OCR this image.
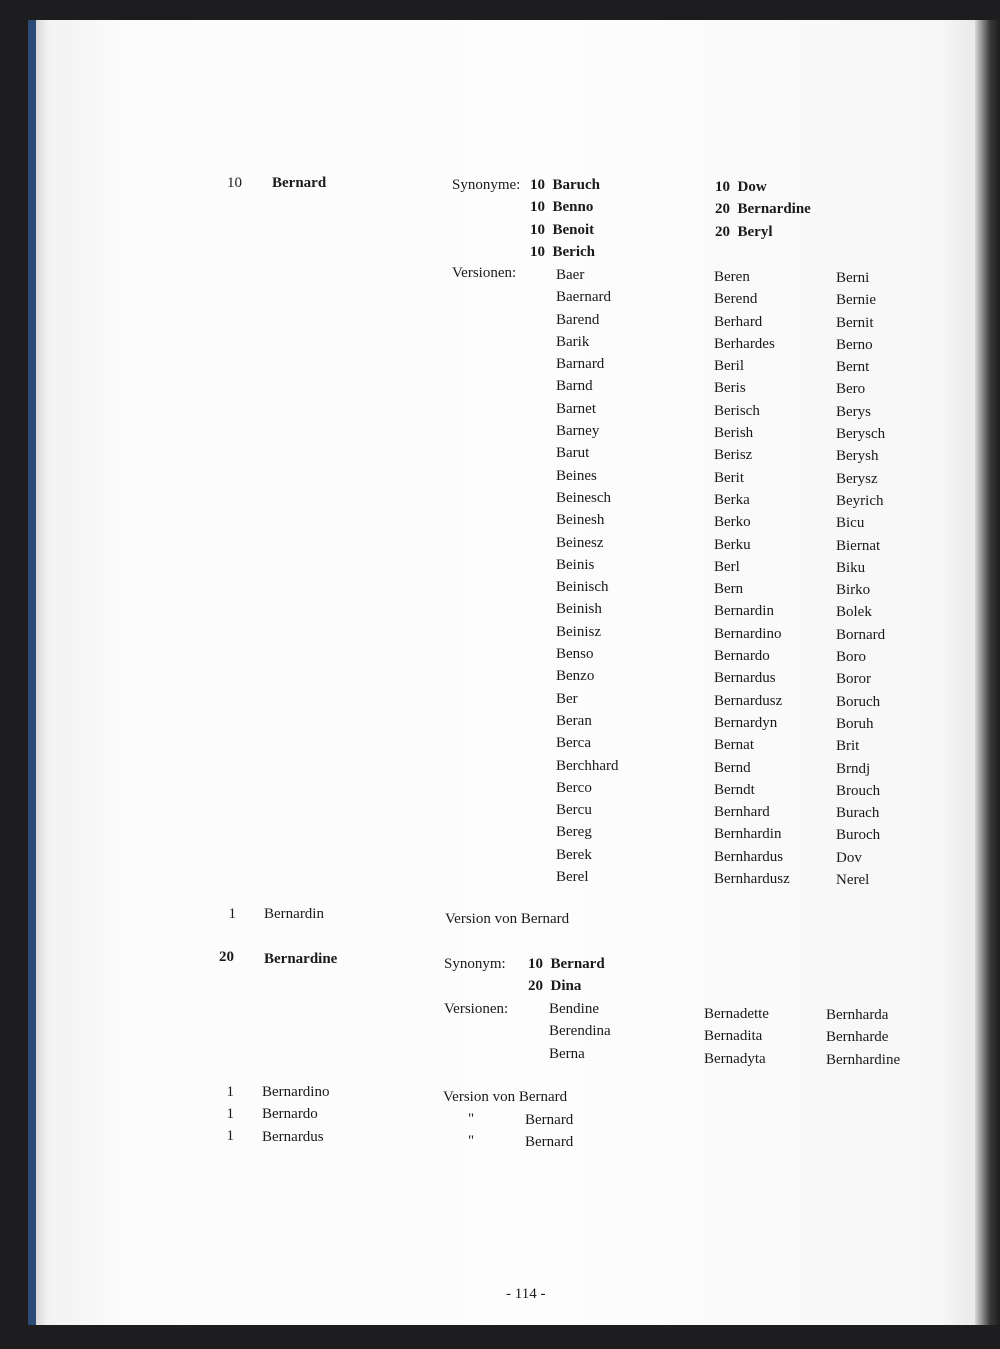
10 Bernard	Synonyme: 10 Baruch
10 Benno
10 Benoit
10 Berich
10 Dow
20 Bernardine
20 Beryl
Versionen:	Baer
Baernard
Barend
Barik
Barnard
Barnd
Barnet
Barney
Barut
Beines
Beinesch
Beinesh
Beinesz
Beinis
Beinisch
Beinish
Beinisz
Benso
Benzo
Ber
Beran
Berca
Berchhard
Berco
Bercu
Bereg
Berek
Berel
Beren
Berend
Berhard
Berhardes
Beril
Beris
Berisch
Berish
Berisz
Berit
Berka
Berko
Berku
Berl
Bern
Bernardin
Bernardino
Bernardo
Bernardus
Bernardusz
Bernardyn
Bernat
Bernd
Berndt
Bernhard
Bernhardin
Bernhardus
Bernhardusz
Berni
Bernie
Bernit
Berno
Bernt
Bero
Berys
Berysch
Berysh
Berysz
Beyrich
Bicu
Biernat
Biku
Birko
Bolek
Bornard
Boro
Boror
Boruch
Boruh
Brit
Brndj
Brouch
Burach
Buroch
Dov
Nerel
1 Bernardin	Version von Bernard
20 Bernardine	Synonym: 10 Bernard
20 Dina
Versionen:	Bendine
Berendina
Berna
Bernadette
Bernadita
Bernadyta
Bernharda
Bernharde
Bernhardine
1 Bernardino	Version von Bernard
1 Bernardo	"	Bernard
1 Bernardus	"	Bernard
- 114 -
